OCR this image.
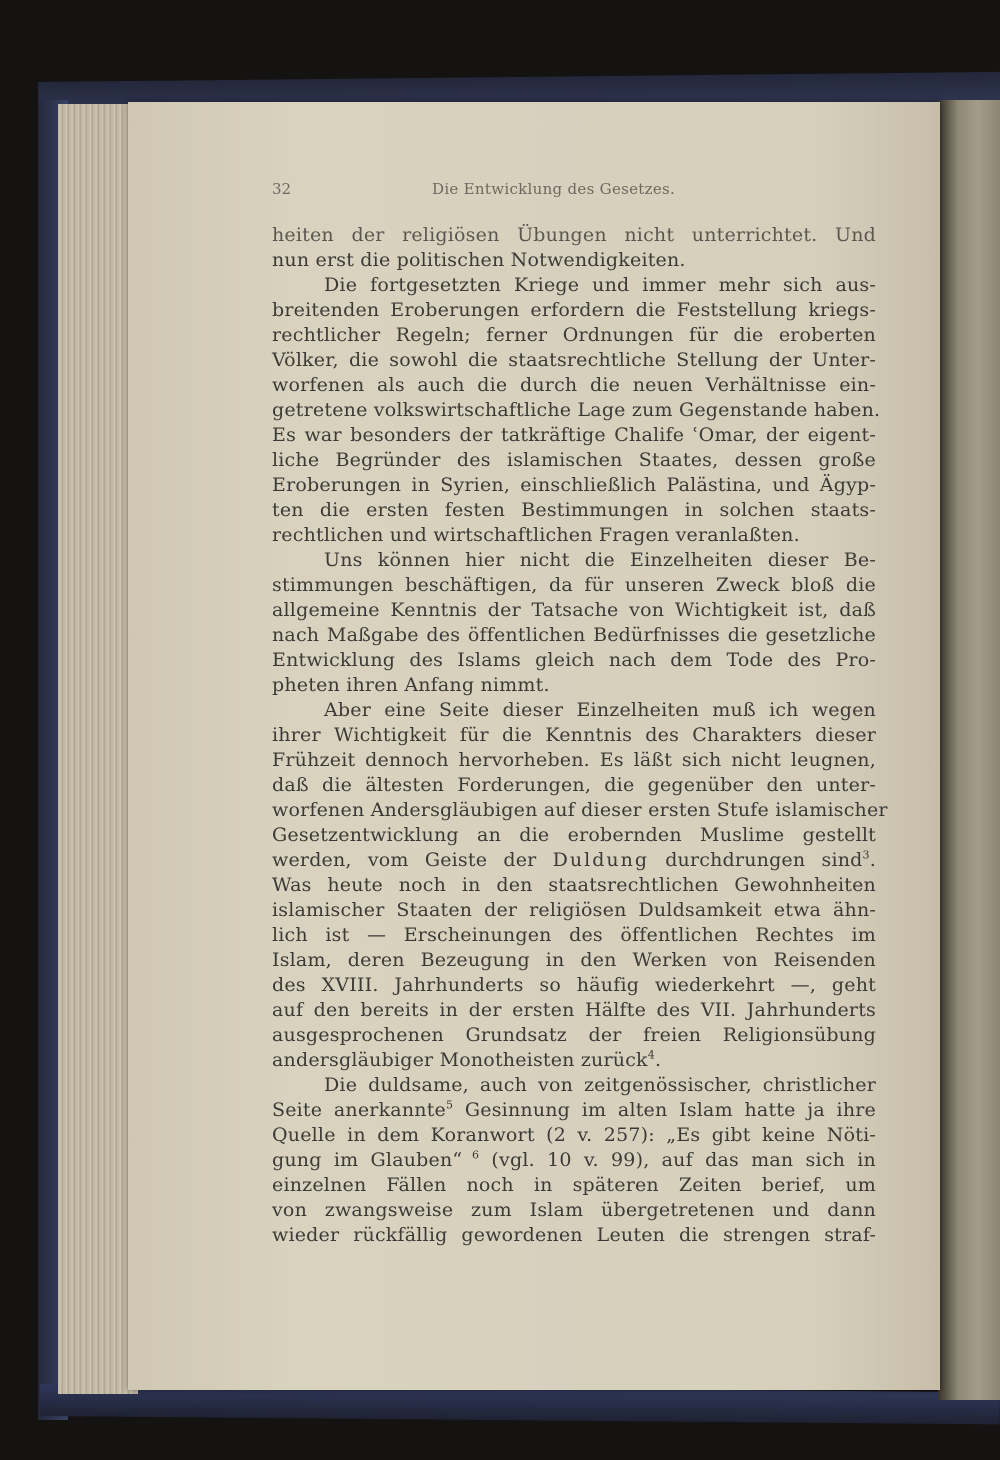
32	Die Entwicklung des Gesetzes.
heiten der religiösen Übungen nicht unterrichtet. Und
nun erst die politischen Notwendigkeiten.
Die fortgesetzten Kriege und immer mehr sich aus-
breitenden Eroberungen erfordern die Feststellung kriegs-
rechtlicher Regeln; ferner Ordnungen für die eroberten
Völker, die sowohl die staatsrechtliche Stellung der Unter-
worfenen als auch die durch die neuen Verhältnisse ein-
getretene volkswirtschaftliche Lage zum Gegenstande haben.
Es war besonders der tatkräftige Chalife ʿOmar, der eigent-
liche Begründer des islamischen Staates, dessen große
Eroberungen in Syrien, einschließlich Palästina, und Ägyp-
ten die ersten festen Bestimmungen in solchen staats-
rechtlichen und wirtschaftlichen Fragen veranlaßten.
Uns können hier nicht die Einzelheiten dieser Be-
stimmungen beschäftigen, da für unseren Zweck bloß die
allgemeine Kenntnis der Tatsache von Wichtigkeit ist, daß
nach Maßgabe des öffentlichen Bedürfnisses die gesetzliche
Entwicklung des Islams gleich nach dem Tode des Pro-
pheten ihren Anfang nimmt.
Aber eine Seite dieser Einzelheiten muß ich wegen
ihrer Wichtigkeit für die Kenntnis des Charakters dieser
Frühzeit dennoch hervorheben. Es läßt sich nicht leugnen,
daß die ältesten Forderungen, die gegenüber den unter-
worfenen Andersgläubigen auf dieser ersten Stufe islamischer
Gesetzentwicklung an die erobernden Muslime gestellt
werden, vom Geiste der Duldung durchdrungen sind$^3$.
Was heute noch in den staatsrechtlichen Gewohnheiten
islamischer Staaten der religiösen Duldsamkeit etwa ähn-
lich ist — Erscheinungen des öffentlichen Rechtes im
Islam, deren Bezeugung in den Werken von Reisenden
des XVIII. Jahrhunderts so häufig wiederkehrt —, geht
auf den bereits in der ersten Hälfte des VII. Jahrhunderts
ausgesprochenen Grundsatz der freien Religionsübung
andersgläubiger Monotheisten zurück$^4$.
Die duldsame, auch von zeitgenössischer, christlicher
Seite anerkannte$^5$ Gesinnung im alten Islam hatte ja ihre
Quelle in dem Koranwort (2 v. 257): „Es gibt keine Nöti-
gung im Glauben“ $^6$ (vgl. 10 v. 99), auf das man sich in
einzelnen Fällen noch in späteren Zeiten berief, um
von zwangsweise zum Islam übergetretenen und dann
wieder rückfällig gewordenen Leuten die strengen straf-
